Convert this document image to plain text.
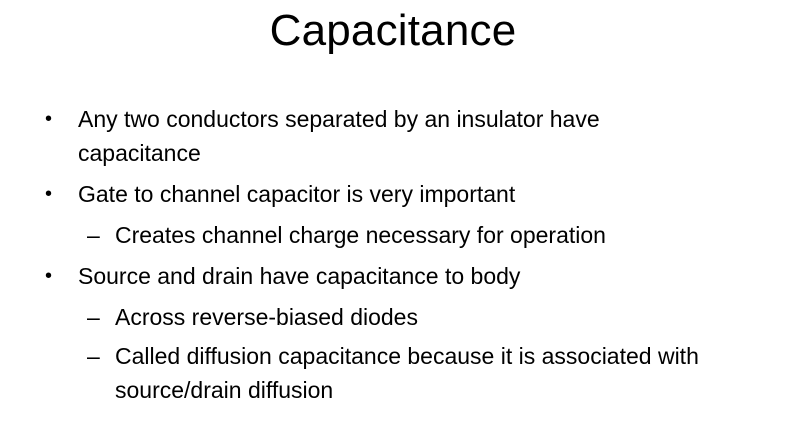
Capacitance
• Any two conductors separated by an insulator have
capacitance
• Gate to channel capacitor is very important
– Creates channel charge necessary for operation
• Source and drain have capacitance to body
– Across reverse-biased diodes
– Called diffusion capacitance because it is associated with
source/drain diffusion
